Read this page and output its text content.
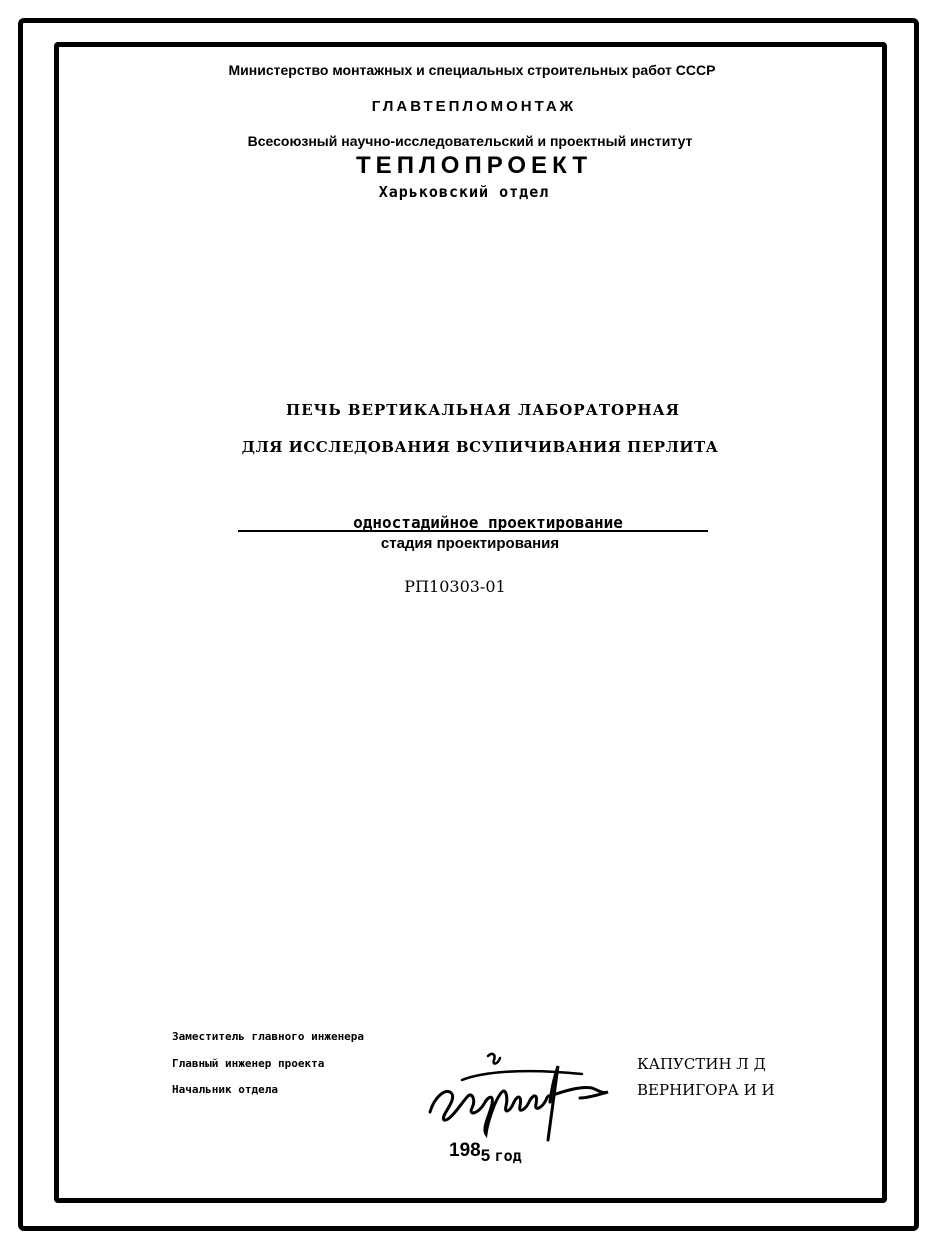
Министерство монтажных и специальных строительных работ СССР
ГЛАВТЕПЛОМОНТАЖ
Всесоюзный научно-исследовательский и проектный институт
ТЕПЛОПРОЕКТ
Харьковский отдел
ПЕЧЬ ВЕРТИКАЛЬНАЯ ЛАБОРАТОРНАЯ
ДЛЯ ИССЛЕДОВАНИЯ ВСУПИЧИВАНИЯ ПЕРЛИТА
одностадийное проектирование
стадия проектирования
РП10303-01
Заместитель главного инженера
Главный инженер проекта
Начальник отдела
КАПУСТИН Л Д
ВЕРНИГОРА И И
1985 год
